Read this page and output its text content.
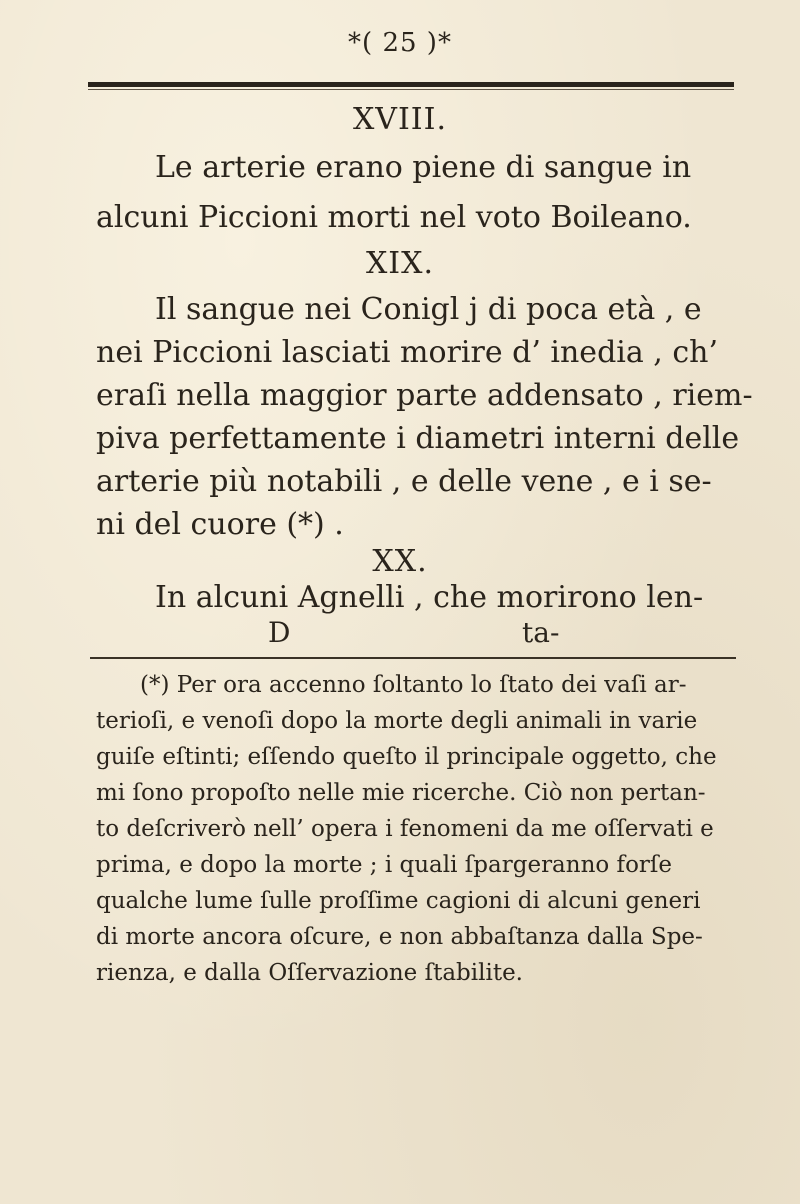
*( 25 )*
XVIII.
Le arterie erano piene di sangue in
alcuni Piccioni morti nel voto Boileano.
XIX.
Il sangue nei Conigl j di poca età , e
nei Piccioni lasciati morire d’ inedia , ch’
eraſi nella maggior parte addensato , riem-
piva perfettamente i diametri interni delle
arterie più notabili , e delle vene , e i se-
ni del cuore (*) .
D	ta-
(*) Per ora accenno ſoltanto lo ſtato dei vaſi ar-
terioſi, e venoſi dopo la morte degli animali in varie
guiſe eſtinti; eſſendo queſto il principale oggetto, che
mi ſono propoſto nelle mie ricerche. Ciò non pertan-
to deſcriverò nell’ opera i fenomeni da me oſſervati e
prima, e dopo la morte ; i quali ſpargeranno forſe
qualche lume ſulle proſſime cagioni di alcuni generi
di morte ancora oſcure, e non abbaſtanza dalla Spe-
rienza, e dalla Oſſervazione ſtabilite.
XX.
In alcuni Agnelli , che morirono len-
